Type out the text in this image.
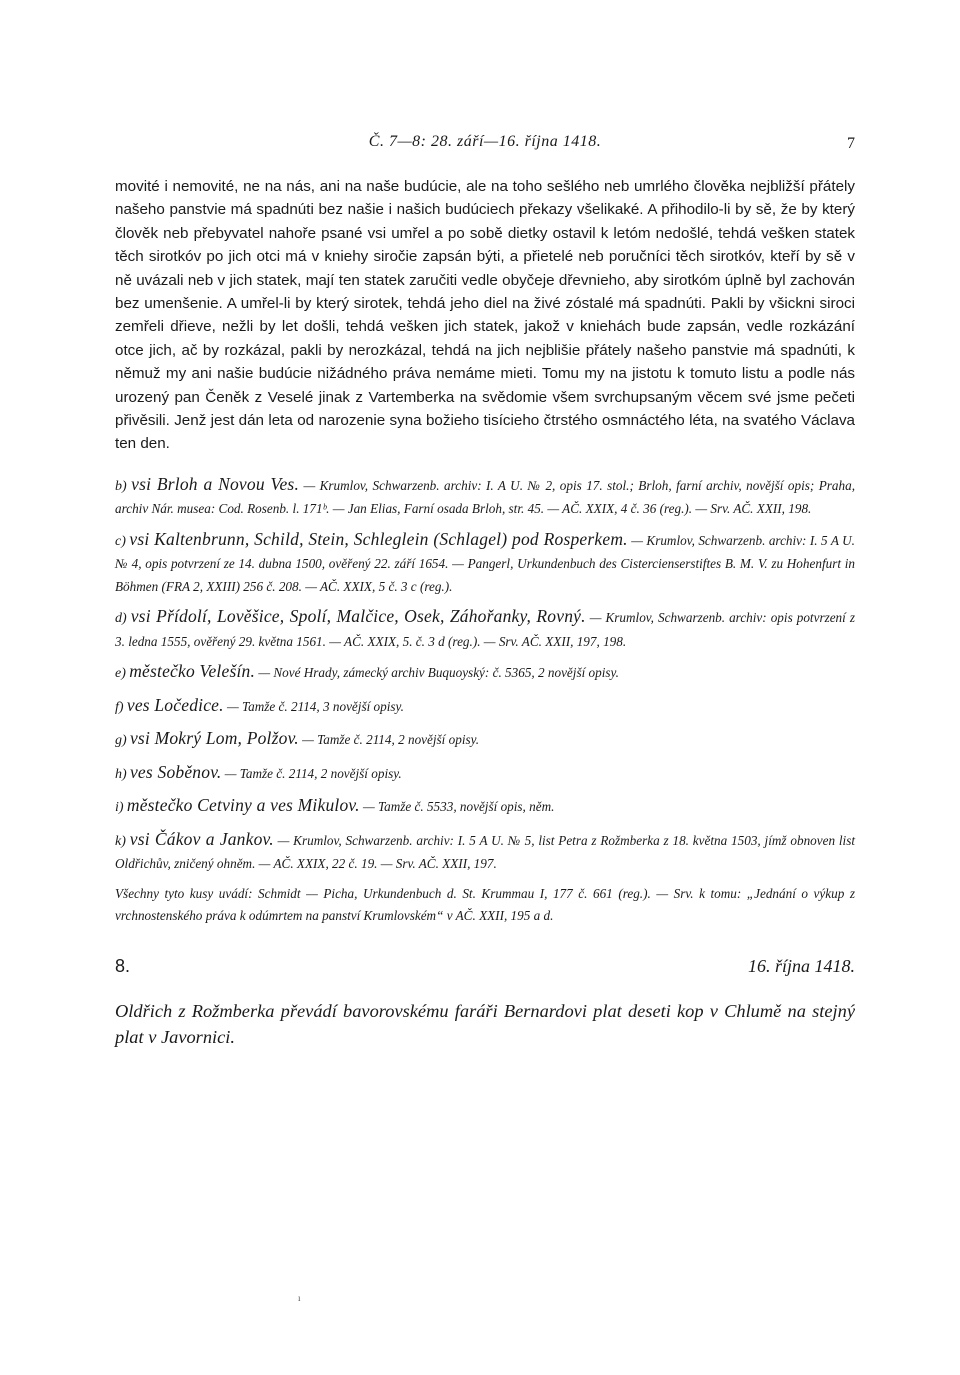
Č. 7—8: 28. září—16. října 1418.	7

movité i nemovité, ne na nás, ani na naše budúcie, ale na toho sešlého neb umrlého člověka nejbližší přátely našeho panstvie má spadnúti bez našie i našich budúciech překazy všelikaké. A přihodilo-li by sě, že by který člověk neb přebyvatel nahoře psané vsi umřel a po sobě dietky ostavil k letóm nedošlé, tehdá vešken statek těch sirotkóv po jich otci má v kniehy siročie zapsán býti, a přietelé neb poručníci těch sirotkóv, kteří by sě v ně uvázali neb v jich statek, mají ten statek zaručiti vedle obyčeje dřevnieho, aby sirotkóm úplně byl zachován bez umenšenie. A umřel-li by který sirotek, tehdá jeho diel na živé zóstalé má spadnúti. Pakli by všickni siroci zemřeli dřieve, nežli by let došli, tehdá vešken jich statek, jakož v kniehách bude zapsán, vedle rozkázání otce jich, ač by rozkázal, pakli by nerozkázal, tehdá na jich nejblišie přátely našeho panstvie má spadnúti, k němuž my ani našie budúcie nižádného práva nemáme mieti. Tomu my na jistotu k tomuto listu a podle nás urozený pan Čeněk z Veselé jinak z Vartemberka na svědomie všem svrchupsaným věcem své jsme pečeti přivěsili. Jenž jest dán leta od narozenie syna božieho tisícieho čtrstého osmnáctého léta, na svatého Václava ten den.

b) vsi Brloh a Novou Ves. — Krumlov, Schwarzenb. archiv: I. A U. № 2, opis 17. stol.; Brloh, farní archiv, novější opis; Praha, archiv Nár. musea: Cod. Rosenb. l. 171ᵇ. — Jan Elias, Farní osada Brloh, str. 45. — AČ. XXIX, 4 č. 36 (reg.). — Srv. AČ. XXII, 198.

c) vsi Kaltenbrunn, Schild, Stein, Schleglein (Schlagel) pod Rosperkem. — Krumlov, Schwarzenb. archiv: I. 5 A U. № 4, opis potvrzení ze 14. dubna 1500, ověřený 22. září 1654. — Pangerl, Urkundenbuch des Cistercienserstiftes B. M. V. zu Hohenfurt in Böhmen (FRA 2, XXIII) 256 č. 208. — AČ. XXIX, 5 č. 3 c (reg.).

d) vsi Přídolí, Lověšice, Spolí, Malčice, Osek, Záhořanky, Rovný. — Krumlov, Schwarzenb. archiv: opis potvrzení z 3. ledna 1555, ověřený 29. května 1561. — AČ. XXIX, 5. č. 3 d (reg.). — Srv. AČ. XXII, 197, 198.

e) městečko Velešín. — Nové Hrady, zámecký archiv Buquoyský: č. 5365, 2 novější opisy.

f) ves Ločedice. — Tamže č. 2114, 3 novější opisy.

g) vsi Mokrý Lom, Polžov. — Tamže č. 2114, 2 novější opisy.

h) ves Soběnov. — Tamže č. 2114, 2 novější opisy.

i) městečko Cetviny a ves Mikulov. — Tamže č. 5533, novější opis, něm.

k) vsi Čákov a Jankov. — Krumlov, Schwarzenb. archiv: I. 5 A U. № 5, list Petra z Rožmberka z 18. května 1503, jímž obnoven list Oldřichův, zničený ohněm. — AČ. XXIX, 22 č. 19. — Srv. AČ. XXII, 197.

Všechny tyto kusy uvádí: Schmidt — Picha, Urkundenbuch d. St. Krummau I, 177 č. 661 (reg.). — Srv. k tomu: „Jednání o výkup z vrchnostenského práva k odúmrtem na panství Krumlovském“ v AČ. XXII, 195 a d.

8.	16. října 1418.
Oldřich z Rožmberka převádí bavorovskému faráři Bernardovi plat deseti kop v Chlumě na stejný plat v Javornici.
ı
